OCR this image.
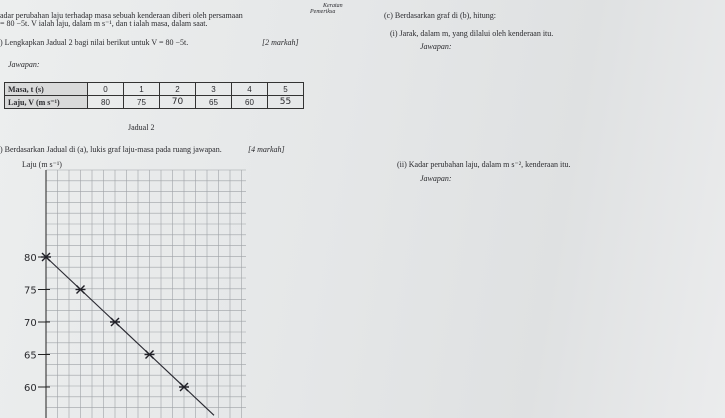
Keratan
Pemeriksa
adar perubahan laju terhadap masa sebuah kenderaan diberi oleh persamaan
= 80 −5t. V ialah laju, dalam m s⁻¹, dan t ialah masa, dalam saat.
) Lengkapkan Jadual 2 bagi nilai berikut untuk V = 80 −5t.	[2 markah]
Jawapan:
Masa, t (s)	0	1	2	3	4	5
Laju, V (m s⁻¹)	80	75	70	65	60	55
Jadual 2
) Berdasarkan Jadual di (a), lukis graf laju-masa pada ruang jawapan.	[4 markah]
Laju (m s⁻¹)
80
75
70
65
60
(c) Berdasarkan graf di (b), hitung:
(i) Jarak, dalam m, yang dilalui oleh kenderaan itu.
Jawapan:
(ii) Kadar perubahan laju, dalam m s⁻², kenderaan itu.
Jawapan:
